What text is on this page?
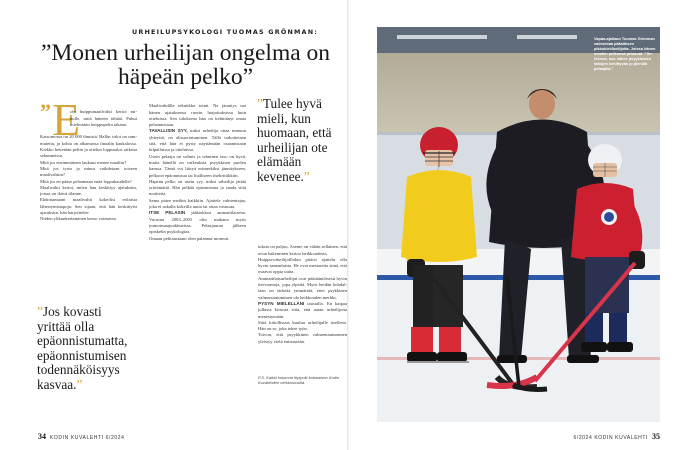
URHEILUPSYKOLOGI TUOMAS GRÖNMAN:
”Monen urheilijan ongelma on häpeän pelko”
” E

rän huippumaailvahti kertoi minulle, mitä häneen tähtää. Puhui mielestään huippupelin takana.

Katsomossa on 20 000 ihmistä. Hallin valot on sammutettu, ja kohta on alkamassa finaalin kaukalossa. Kiekko heitetään peliin ja ottelun lopputulos ratkeaa sekunneissa.
Mitä jos ensimmäinen laukaus menee maaliin?
Mitä jos tyrin ja minut vaihdetaan toiseen maalivahtiin?
Mitä jos en pääse pelaamaan enää loppukaudella?
Maalivahti kertoi, miten hän keskittyy ajatuksiin, joissa on ikävä tilanne.
Ehdottamaani maalivahti kokeilisi erilaisia lähestymistapoja. Sen sijaan, että hän keskittyisi ajatuksiin, hän harjoittelee.
Niiden ylikunkertaminen ketoo voimassa.

”Jos kovasti yrittää olla epäonnistumatta, epäonnistumisen todennäköisyys kasvaa.”

Maalivahdille tekniikka toimi. Ne jännitys saa hänen ajatuksensa ruorin harjoituksissa kuin otteluissa. Sen tuloksena hän on kehittänyt omaa pelaamistaan.
TAVALLISIN SYY, miksi urheilija ottaa minuun yhteyttä, on alisuoriutuminen. Tällä tarkoitetaan sitä, että hän ei pysty näyttämään osaamistaan kilpailuissa ja otteluissa.
Usein pelaaja on valmis ja tekninen taso on hyvä, mutta hänellä on vaikeuksia psyykkisen puolen kanssa. Tämä voi liittyä esimerkiksi jännitykseen, pelkoon epäonnistua tai liialliseen itsekritiikkiin.
Häpeän pelko on usein syy, miksi urheilija jättää yrittämättä. Hän pelkää epäonnistua ja saada siitä moitteita.
Sama pätee meihin kaikkiin. Ajattele valmentajaa, joka ei uskalla kokeilla uutta tai ottaa vastuuta.
ITSE PELASIN jääkiekkoa ammattilaisena. Vuosina 2003–2005 olin mukana myös juniorimaajoukkueissa. Pelaajauran jälkeen opiskelin psykologiaa.
Omaan pelitaustaani olen palannut monesti.

”Tulee hyvä mieli, kun huomaan, että urheilijan ote elämään kevenee.”

tuksia on paljon. Aseme on vähän sellainen, että avun hakeminen kertoo heikkoudesta.
Huippu-urheilijoillakin pitäisi ajattelu olla hyvin samanlaista. He ovat mestareita siinä, että osaavat oppia uutta.
Ammattilaisurheilijat ovat pääsääntöisesti hyvin itsevarmoja, jopa ylpeitä. Myös heidän kohdallaan on tärkeää ymmärtää, ettei psykkinen valmentautuminen ole heikkouden merkki.
PYSYN MIELELLÄNI taustalla. En kaipaa julkista kiitosta siitä, että autan urheilijoita menestymään.
Siitä kiitollisuus kuuluu urheilijalle itselleen. Hän on se, joka tekee työn.
Toivon, että psyykkinen valmentautuminen yleistyy vielä entisestään.

P.S. Kaikki kolumnit löytyvät kotimaisen Kodin Kuvalehden verkkosivuilta.
34 KODIN KUVALEHTI 6/2024	6/2024 KODIN KUVALEHTI 35
Vapaa-ajallaan Tuomas Grönman valmentaa pääsiäisen pikkukieklkoilijoita. Joissa hänen omakin poikansa pelaavat. ”On hienoa, kun näkee psyykkisten taitojen kehittyvän jo pienillä pelaajilla.”
